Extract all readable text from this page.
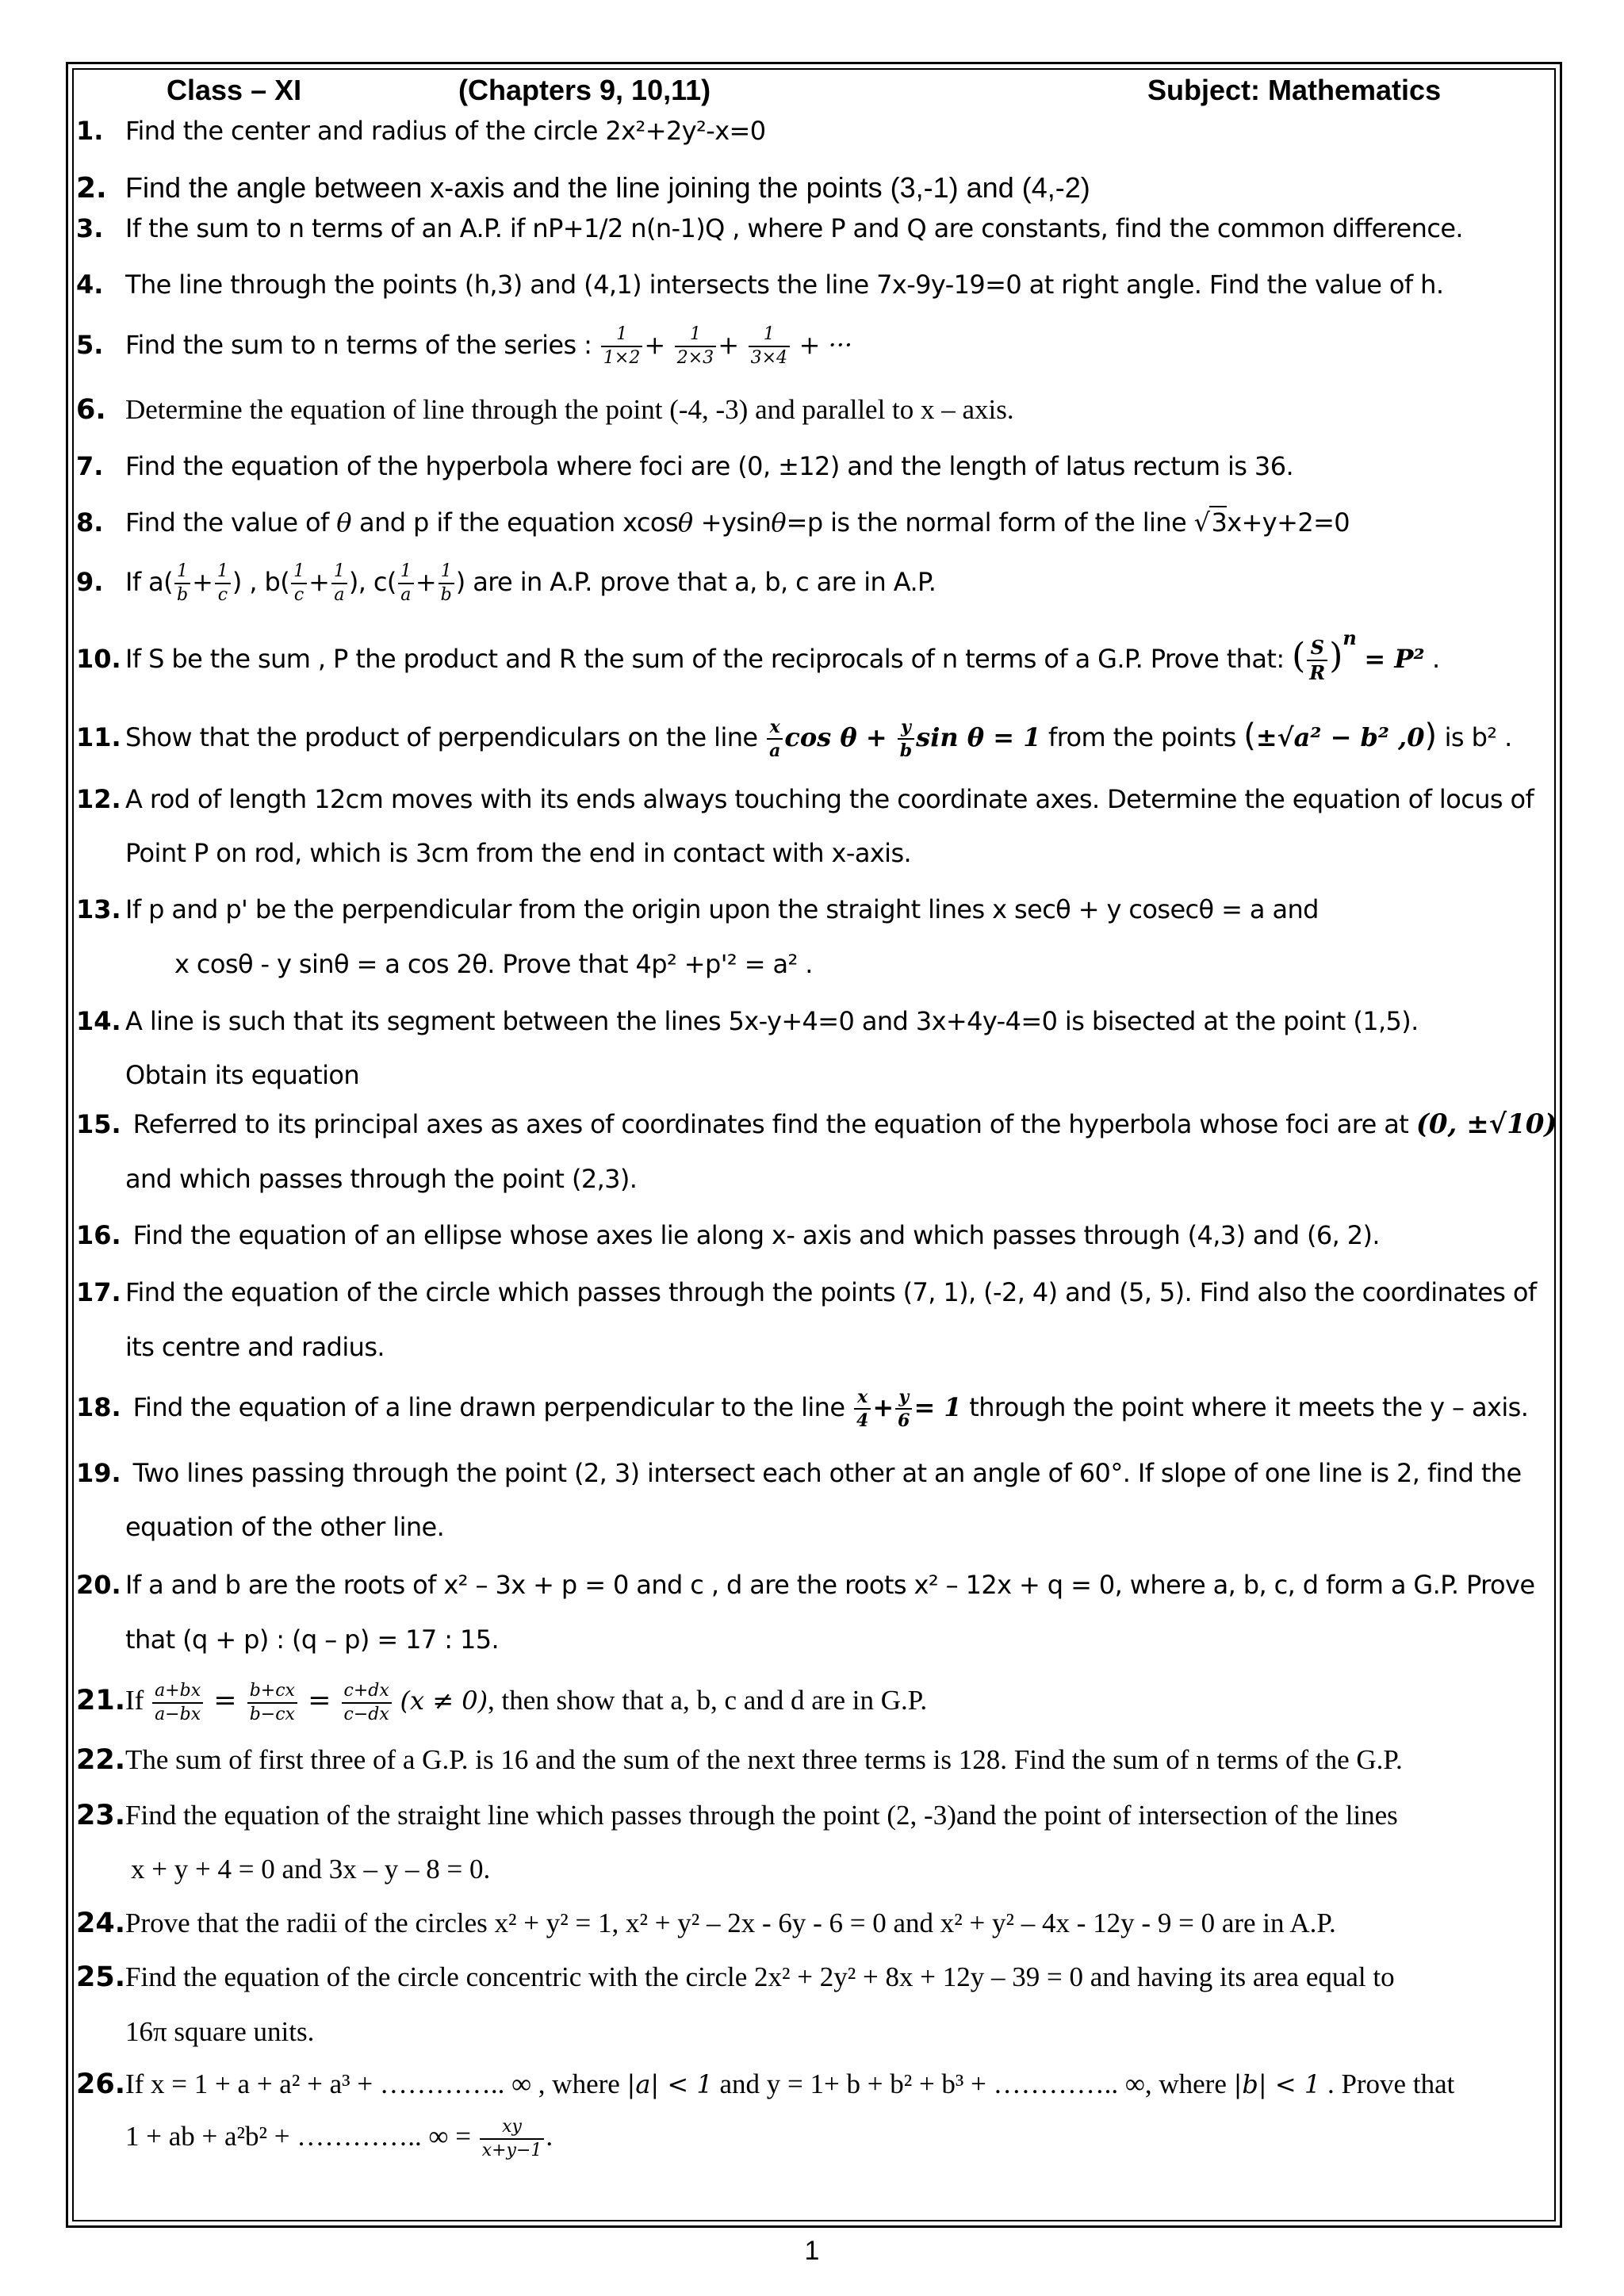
Class – XI	(Chapters 9, 10,11)	Subject: Mathematics
1. Find the center and radius of the circle 2x²+2y²-x=0
2. Find the angle between x-axis and the line joining the points (3,-1) and (4,-2)
3. If the sum to n terms of an A.P. if nP+1/2 n(n-1)Q , where P and Q are constants, find the common difference.
4. The line through the points (h,3) and (4,1) intersects the line 7x-9y-19=0 at right angle. Find the value of h.
5. Find the sum to n terms of the series : $\frac{1}{1\times 2} + \frac{1}{2\times 3} + \frac{1}{3\times 4}$ + ···
6. Determine the equation of line through the point (-4, -3) and parallel to x – axis.
7. Find the equation of the hyperbola where foci are (0, ±12) and the length of latus rectum is 36.
8. Find the value of θ and p if the equation xcosθ +ysinθ=p is the normal form of the line √3x+y+2=0
9. If $a( \frac{1}{b} + \frac{1}{c}$ ) , $b( \frac{1}{c} + \frac{1}{a}$ ), $c( \frac{1}{a} + \frac{1}{b}$ ) are in A.P. prove that a, b, c are in A.P.
10. If S be the sum , P the product and R the sum of the reciprocals of n terms of a G.P. Prove that: ( $\frac{S}{R} )^n = P^2$ .
11. Show that the product of perpendiculars on the line $\frac{x}{a}$ $\cos \theta + \frac{y}{b}$ sin θ = 1 from the points (±√a² − b² ,0) is b² .
12. A rod of length 12cm moves with its ends always touching the coordinate axes. Determine the equation of locus of
Point P on rod, which is 3cm from the end in contact with x-axis.
13. If p and p' be the perpendicular from the origin upon the straight lines x secθ + y cosecθ = a and
x cosθ - y sinθ = a cos 2θ. Prove that 4p² +p'² = a² .
14. A line is such that its segment between the lines 5x-y+4=0 and 3x+4y-4=0 is bisected at the point (1,5).
Obtain its equation
15. Referred to its principal axes as axes of coordinates find the equation of the hyperbola whose foci are at (0, ±√10)
and which passes through the point (2,3).
16. Find the equation of an ellipse whose axes lie along x- axis and which passes through (4,3) and (6, 2).
17. Find the equation of the circle which passes through the points (7, 1), (-2, 4) and (5, 5). Find also the coordinates of
its centre and radius.
18. Find the equation of a line drawn perpendicular to the line $\frac{x}{4} + \frac{y}{6} = 1$ through the point where it meets the y – axis.
19. Two lines passing through the point (2, 3) intersect each other at an angle of 60°. If slope of one line is 2, find the
equation of the other line.
20. If a and b are the roots of x² – 3x + p = 0 and c , d are the roots x² – 12x + q = 0, where a, b, c, d form a G.P. Prove
that (q + p) : (q – p) = 17 : 15.
$21.If \frac{a+bx}{a-bx} = \frac{b+cx}{b-cx} = \frac{c+dx}{c-dx} (x \ne 0)$, then show that a, b, c and d are in G.P.
22.The sum of first three of a G.P. is 16 and the sum of the next three terms is 128. Find the sum of n terms of the G.P.
23.Find the equation of the straight line which passes through the point (2, -3)and the point of intersection of the lines
x + y + 4 = 0 and 3x – y – 8 = 0.
24.Prove that the radii of the circles x² + y² = 1, x² + y² – 2x - 6y - 6 = 0 and x² + y² – 4x - 12y - 9 = 0 are in A.P.
25.Find the equation of the circle concentric with the circle 2x² + 2y² + 8x + 12y – 39 = 0 and having its area equal to
16π square units.
26.If x = 1 + a + a² + a³ + ………….. ∞ , where |a| < 1 and y = 1+ b + b² + b³ + ………….. ∞, where |b| < 1 . Prove that
1 + ab + a²b² + ………….. ∞ = $\frac{xy}{x+y-1}$ .
1
